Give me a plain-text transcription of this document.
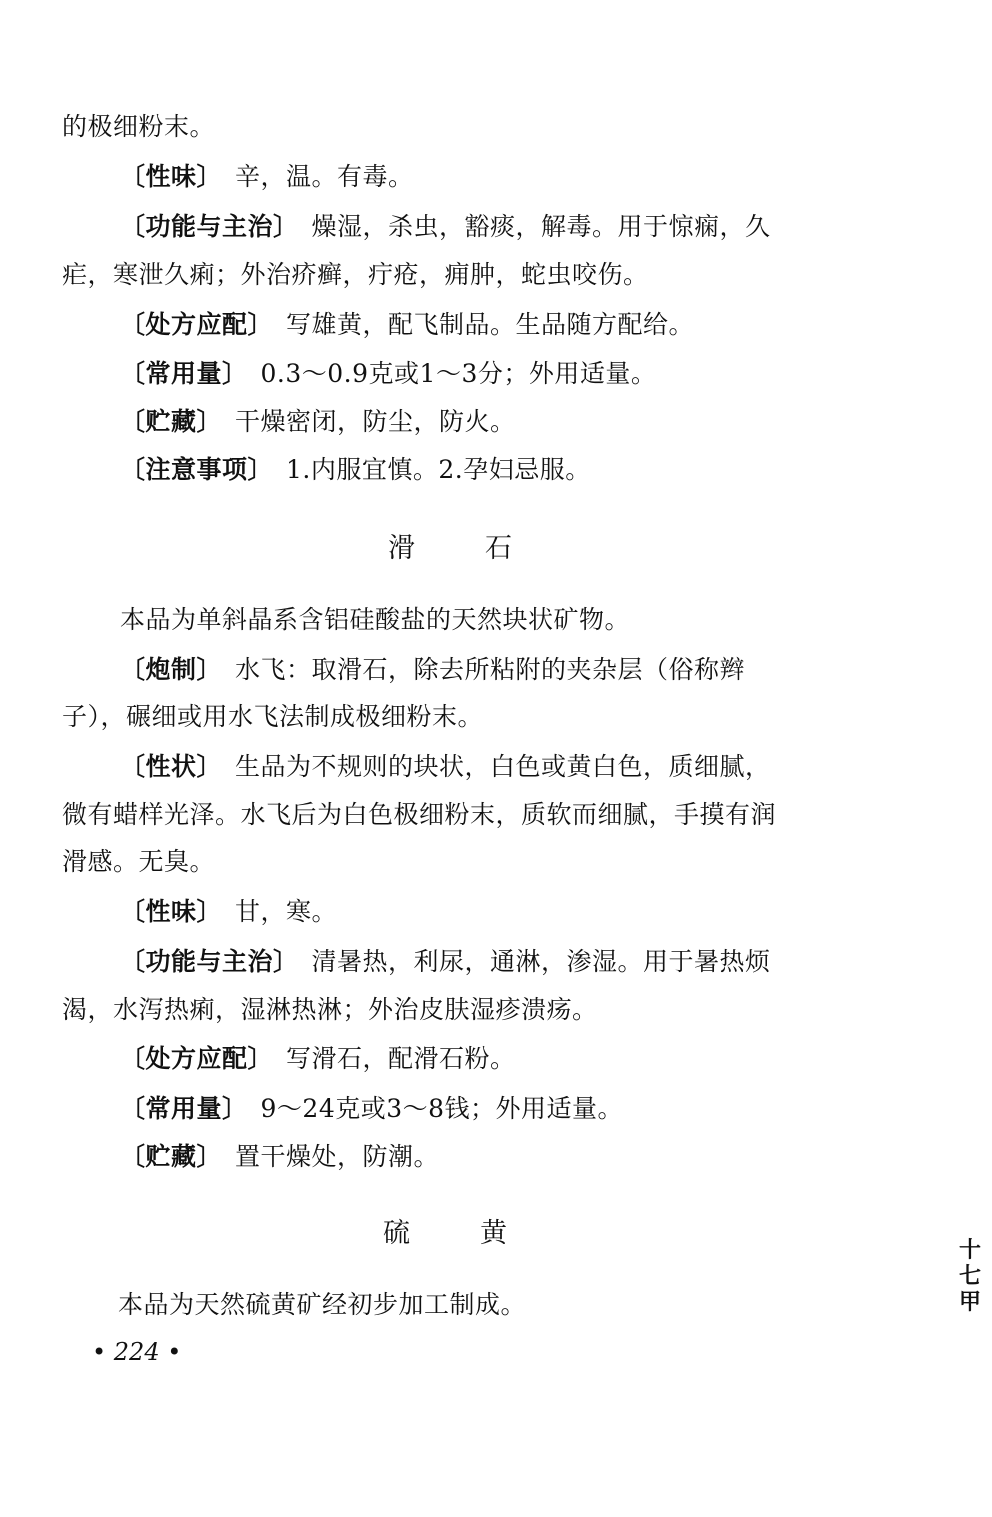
的极细粉末。
〔性味〕　辛，温。有毒。
〔功能与主治〕　燥湿，杀虫，豁痰，解毒。用于惊痫，久
疟，寒泄久痢；外治疥癣，疔疮，痈肿，蛇虫咬伤。
〔处方应配〕　写雄黄，配飞制品。生品随方配给。
〔常用量〕　0.3～0.9克或1～3分；外用适量。
〔贮藏〕　干燥密闭，防尘，防火。
〔注意事项〕　1.内服宜慎。2.孕妇忌服。
滑	石
本品为单斜晶系含铝硅酸盐的天然块状矿物。
〔炮制〕　水飞：取滑石，除去所粘附的夹杂层（俗称辫
子），碾细或用水飞法制成极细粉末。
〔性状〕　生品为不规则的块状，白色或黄白色，质细腻，
微有蜡样光泽。水飞后为白色极细粉末，质软而细腻，手摸有润
滑感。无臭。
〔性味〕　甘，寒。
〔功能与主治〕　清暑热，利尿，通淋，渗湿。用于暑热烦
渴，水泻热痢，湿淋热淋；外治皮肤湿疹溃疡。
〔处方应配〕　写滑石，配滑石粉。
〔常用量〕　9～24克或3～8钱；外用适量。
〔贮藏〕　置干燥处，防潮。
硫	黄
本品为天然硫黄矿经初步加工制成。
• 224 •
十
七
甲
